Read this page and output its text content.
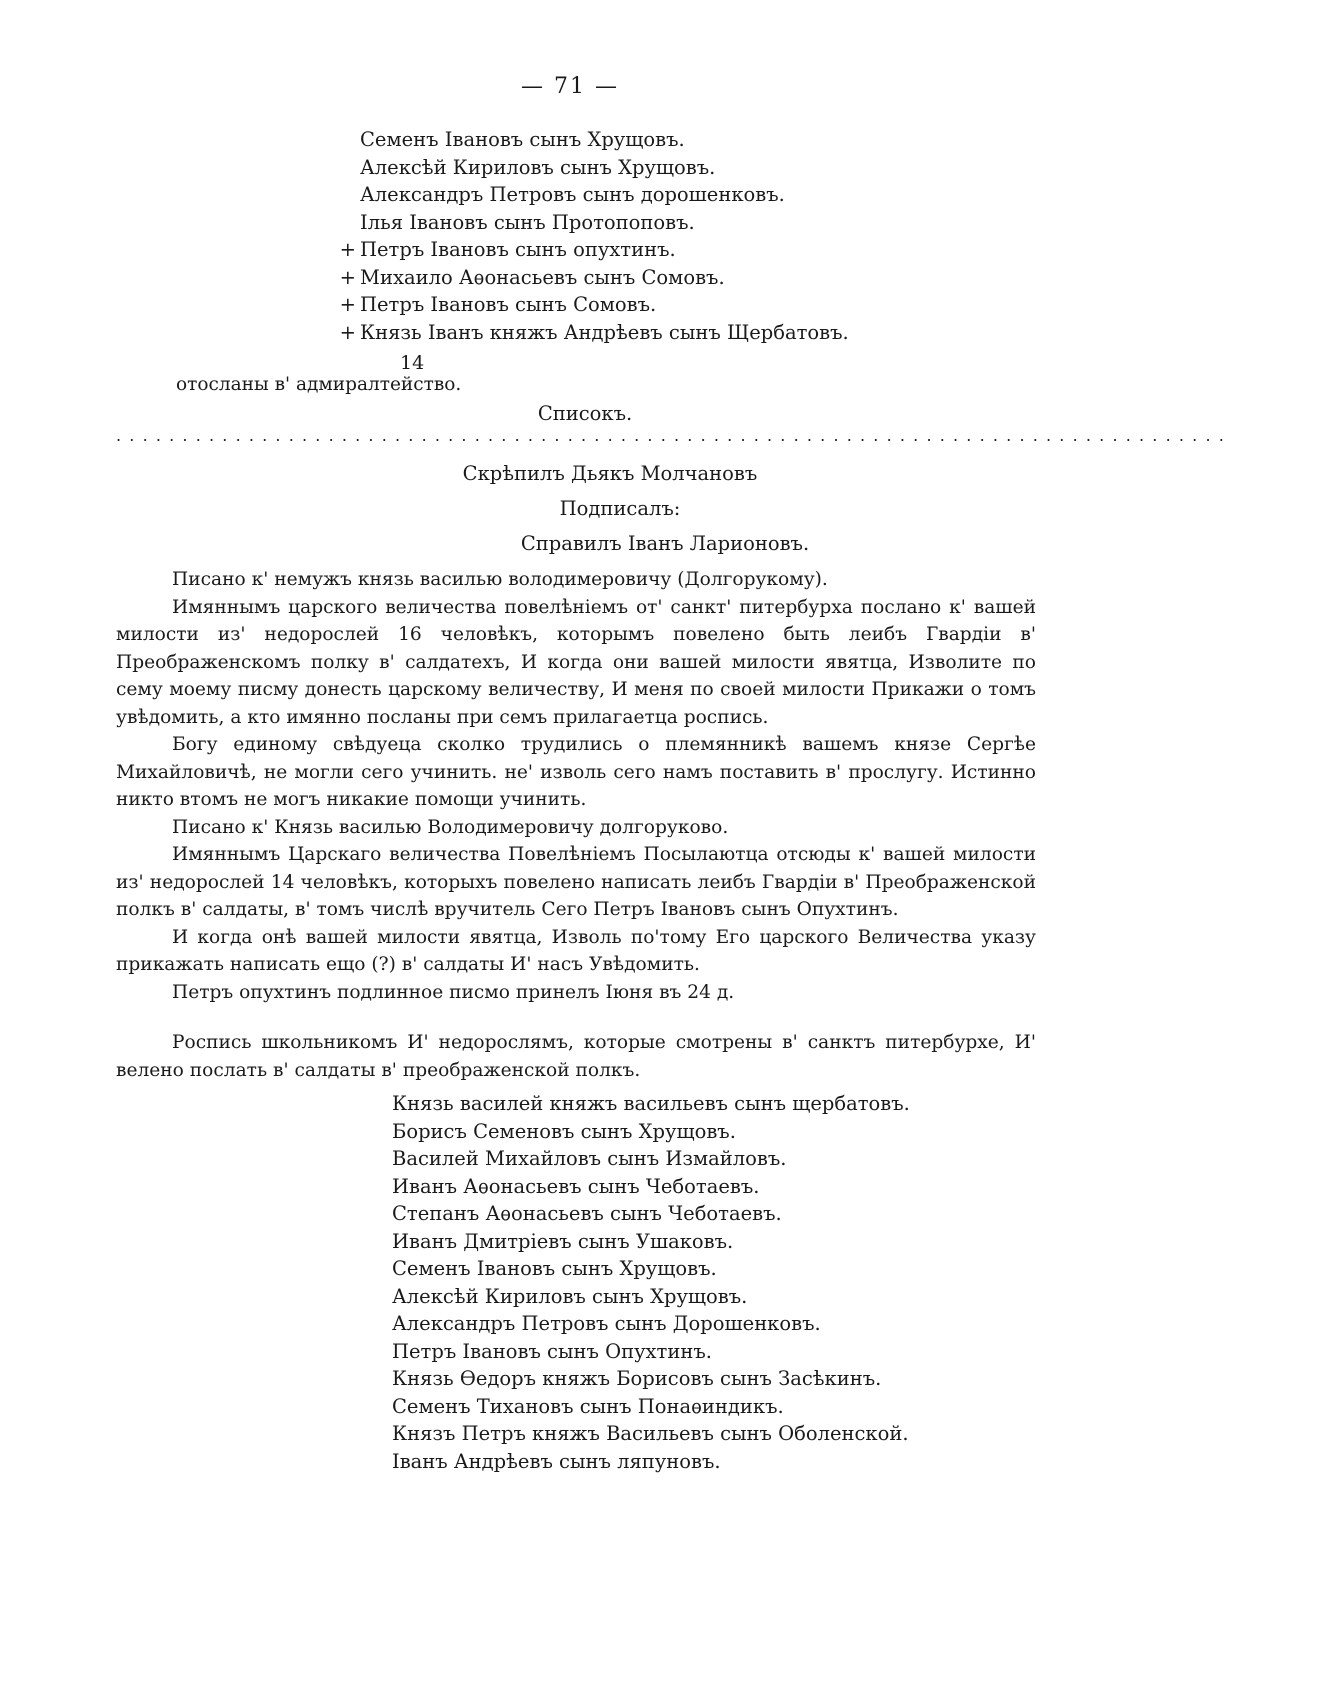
— 71 —
Семенъ Івановъ сынъ Хрущовъ.
Алексѣй Кириловъ сынъ Хрущовъ.
Александръ Петровъ сынъ дорошенковъ.
Ілья Івановъ сынъ Протопоповъ.
+ Петръ Івановъ сынъ опухтинъ.
+ Михаило Аѳонасьевъ сынъ Сомовъ.
+ Петръ Івановъ сынъ Сомовъ.
+ Князь Іванъ княжъ Андрѣевъ сынъ Щербатовъ.
14
отосланы в' адмиралтейство.
Списокъ.
....................................................................................
Скрѣпилъ Дьякъ Молчановъ
Подписалъ:
Справилъ Іванъ Ларионовъ.

Писано к' немужъ князь василью володимеровичу (Долгорукому).

Имяннымъ царского величества повелѣніемъ от' санкт' питербурха послано к' вашей милости из' недорослей 16 человѣкъ, которымъ повелено быть леибъ Гвардіи в' Преображенскомъ полку в' салдатехъ, И когда они вашей милости явятца, Изволите по сему моему писму донесть царскому величеству, И меня по своей милости Прикажи о томъ увѣдомить, а кто имянно посланы при семъ прилагаетца роспись.

Богу единому свѣдуеца сколко трудились о племянникѣ вашемъ князе Сергѣе Михайловичѣ, не могли сего учинить. не' изволь сего намъ поставить в' прослугу. Истинно никто втомъ не могъ никакие помощи учинить.

Писано к' Князь василью Володимеровичу долгоруково.

Имяннымъ Царскаго величества Повелѣніемъ Посылаютца отсюды к' вашей милости из' недорослей 14 человѣкъ, которыхъ повелено написать леибъ Гвардіи в' Преображенской полкъ в' салдаты, в' томъ числѣ вручитель Сего Петръ Івановъ сынъ Опухтинъ.

И когда онѣ вашей милости явятца, Изволь по'тому Его царского Величества указу прикажать написать ещо (?) в' салдаты И' насъ Увѣдомить.

Петръ опухтинъ подлинное писмо принелъ Іюня въ 24 д.

Роспись школьникомъ И' недорослямъ, которые смотрены в' санктъ питербурхе, И' велено послать в' салдаты в' преображенской полкъ.

Князь василей княжъ васильевъ сынъ щербатовъ.
Борисъ Семеновъ сынъ Хрущовъ.
Василей Михайловъ сынъ Измайловъ.
Иванъ Аѳонасьевъ сынъ Чеботаевъ.
Степанъ Аѳонасьевъ сынъ Чеботаевъ.
Иванъ Дмитріевъ сынъ Ушаковъ.
Семенъ Івановъ сынъ Хрущовъ.
Алексѣй Кириловъ сынъ Хрущовъ.
Александръ Петровъ сынъ Дорошенковъ.
Петръ Івановъ сынъ Опухтинъ.
Князь Ѳедоръ княжъ Борисовъ сынъ Засѣкинъ.
Семенъ Тихановъ сынъ Понаѳиндикъ.
Князъ Петръ княжъ Васильевъ сынъ Оболенской.
Іванъ Андрѣевъ сынъ ляпуновъ.
